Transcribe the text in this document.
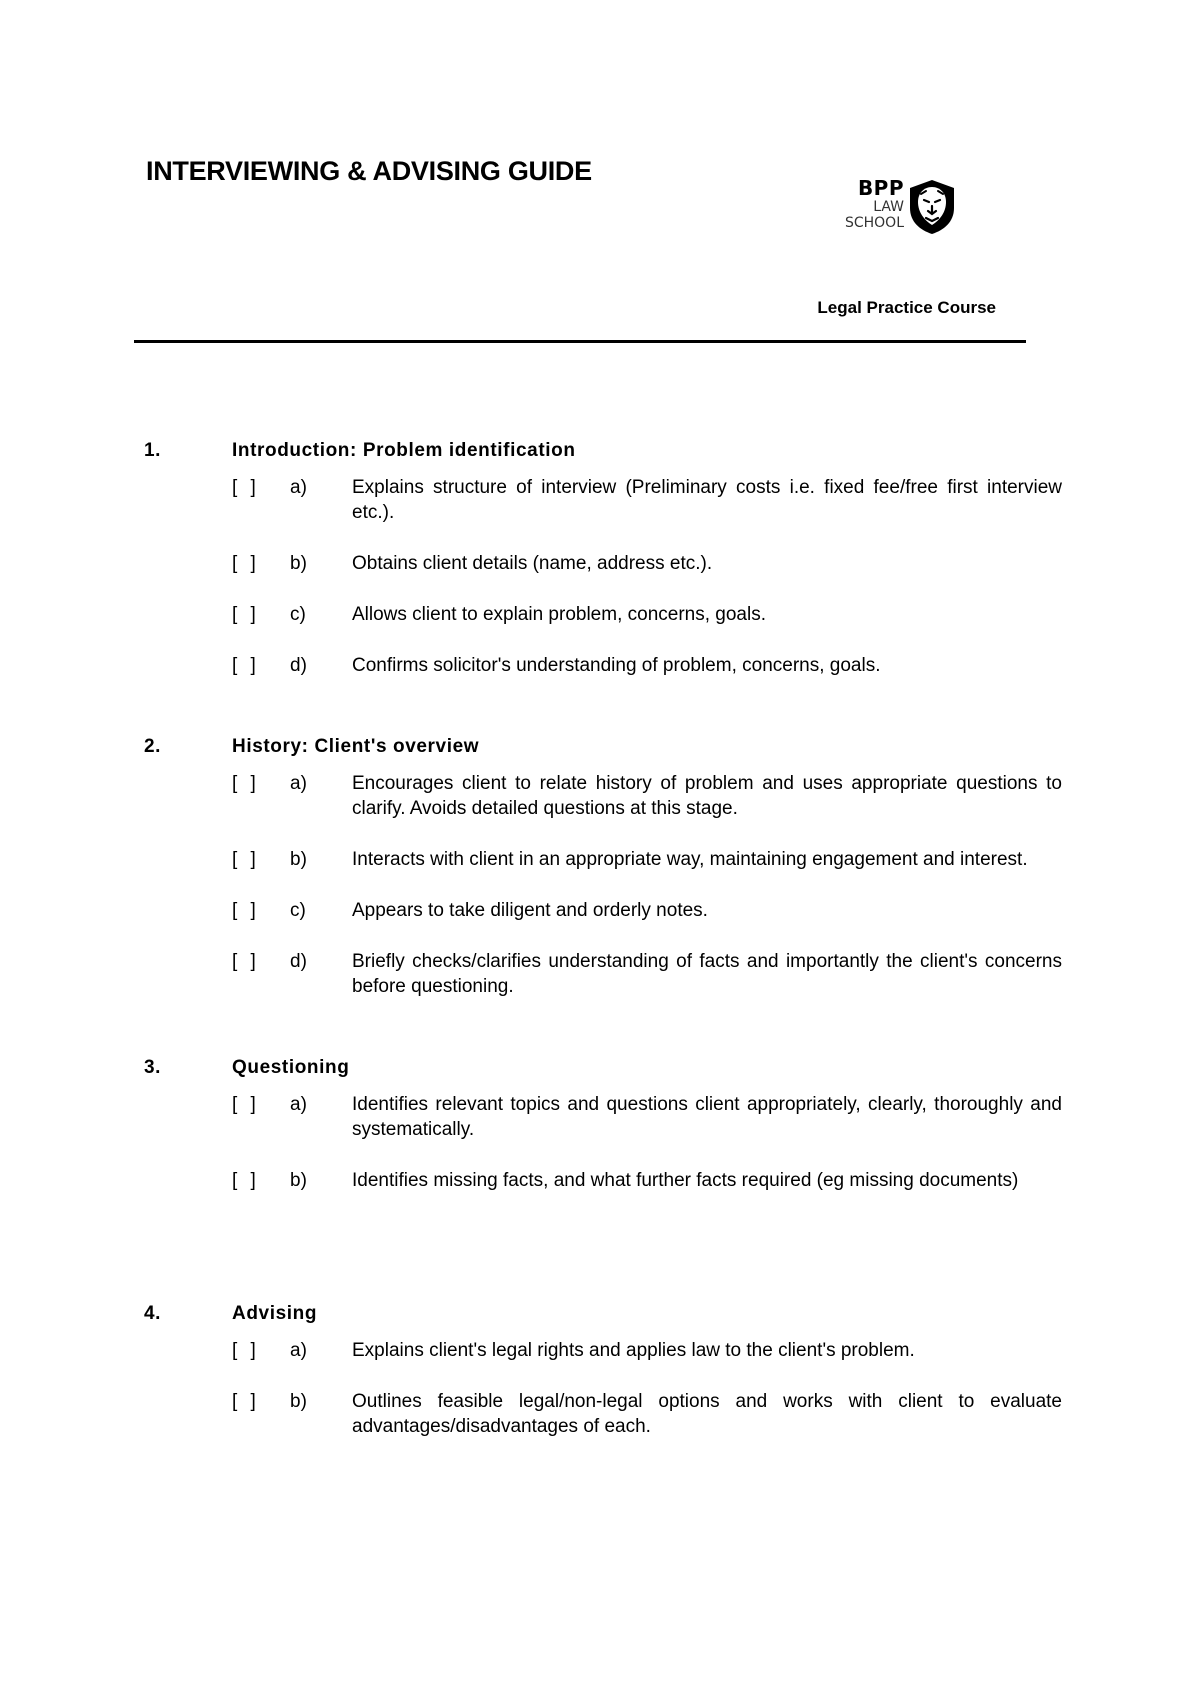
INTERVIEWING & ADVISING GUIDE
BPP
LAW
SCHOOL
Legal Practice Course
1.	Introduction: Problem identification
[ ]	a)	Explains structure of interview (Preliminary costs i.e. fixed fee/free first interview etc.).
[ ]	b)	Obtains client details (name, address etc.).
[ ]	c)	Allows client to explain problem, concerns, goals.
[ ]	d)	Confirms solicitor's understanding of problem, concerns, goals.
2.	History: Client's overview
[ ]	a)	Encourages client to relate history of problem and uses appropriate questions to clarify. Avoids detailed questions at this stage.
[ ]	b)	Interacts with client in an appropriate way, maintaining engagement and interest.
[ ]	c)	Appears to take diligent and orderly notes.
[ ]	d)	Briefly checks/clarifies understanding of facts and importantly the client's concerns before questioning.
3.	Questioning
[ ]	a)	Identifies relevant topics and questions client appropriately, clearly, thoroughly and systematically.
[ ]	b)	Identifies missing facts, and what further facts required (eg missing documents)
4.	Advising
[ ]	a)	Explains client's legal rights and applies law to the client's problem.
[ ]	b)	Outlines feasible legal/non-legal options and works with client to evaluate advantages/disadvantages of each.
